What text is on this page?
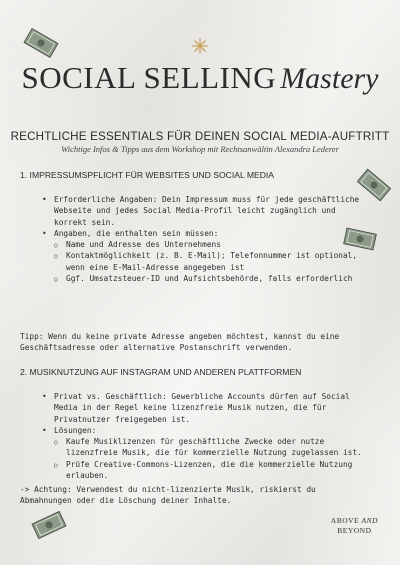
SOCIAL SELLING Mastery
RECHTLICHE ESSENTIALS FÜR DEINEN SOCIAL MEDIA-AUFTRITT
Wichtige Infos & Tipps aus dem Workshop mit Rechtsanwältin Alexandra Lederer
1. IMPRESSUMSPFLICHT FÜR WEBSITES UND SOCIAL MEDIA
• Erforderliche Angaben: Dein Impressum muss für jede geschäftliche Webseite und jedes Social Media-Profil leicht zugänglich und korrekt sein.
• Angaben, die enthalten sein müssen:
○ Name und Adresse des Unternehmens
○ Kontaktmöglichkeit (z. B. E-Mail); Telefonnummer ist optional, wenn eine E-Mail-Adresse angegeben ist
○ Ggf. Umsatzsteuer-ID und Aufsichtsbehörde, falls erforderlich
Tipp: Wenn du keine private Adresse angeben möchtest, kannst du eine Geschäftsadresse oder alternative Postanschrift verwenden.
2. MUSIKNUTZUNG AUF INSTAGRAM UND ANDEREN PLATTFORMEN
• Privat vs. Geschäftlich: Gewerbliche Accounts dürfen auf Social Media in der Regel keine lizenzfreie Musik nutzen, die für Privatnutzer freigegeben ist.
• Lösungen:
○ Kaufe Musiklizenzen für geschäftliche Zwecke oder nutze lizenzfreie Musik, die für kommerzielle Nutzung zugelassen ist.
○ Prüfe Creative-Commons-Lizenzen, die die kommerzielle Nutzung erlauben.
-> Achtung: Verwendest du nicht-lizenzierte Musik, riskierst du Abmahnungen oder die Löschung deiner Inhalte.
ABOVE AND
BEYOND
